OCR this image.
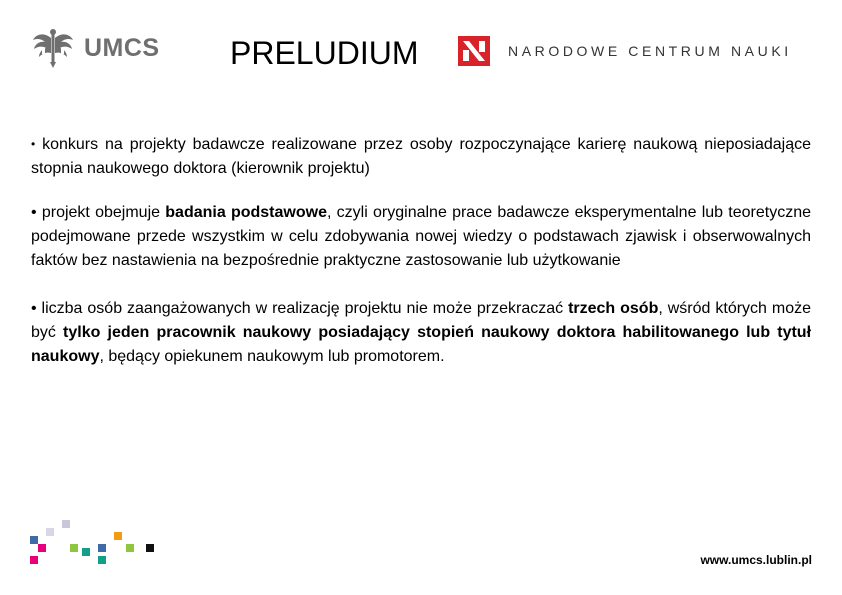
UMCS PRELUDIUM	NARODOWE CENTRUM NAUKI

• konkurs na projekty badawcze realizowane przez osoby rozpoczynające karierę naukową nieposiadające stopnia naukowego doktora (kierownik projektu)

• projekt obejmuje badania podstawowe, czyli oryginalne prace badawcze eksperymentalne lub teoretyczne podejmowane przede wszystkim w celu zdobywania nowej wiedzy o podstawach zjawisk i obserwowalnych faktów bez nastawienia na bezpośrednie praktyczne zastosowanie lub użytkowanie

• liczba osób zaangażowanych w realizację projektu nie może przekraczać trzech osób, wśród których może być tylko jeden pracownik naukowy posiadający stopień naukowy doktora habilitowanego lub tytuł naukowy, będący opiekunem naukowym lub promotorem.

www.umcs.lublin.pl
